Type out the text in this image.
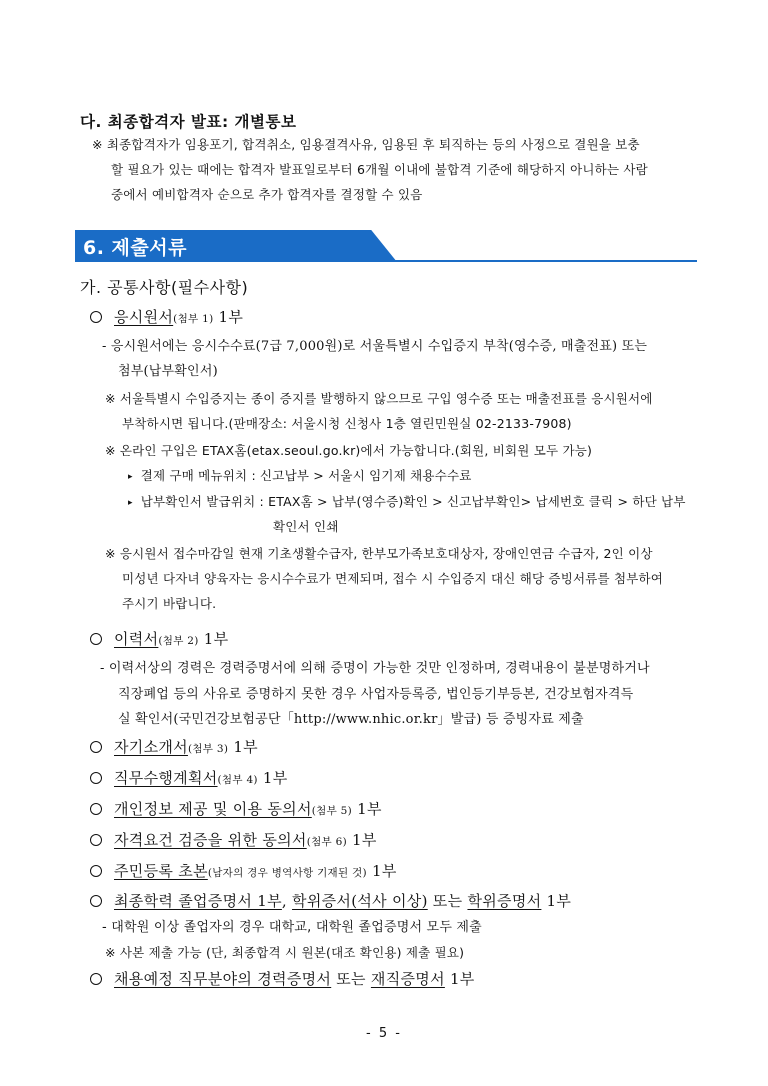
다. 최종합격자 발표: 개별통보
※ 최종합격자가 임용포기, 합격취소, 임용결격사유, 임용된 후 퇴직하는 등의 사정으로 결원을 보충
할 필요가 있는 때에는 합격자 발표일로부터 6개월 이내에 불합격 기준에 해당하지 아니하는 사람
중에서 예비합격자 순으로 추가 합격자를 결정할 수 있음
6. 제출서류
가. 공통사항(필수사항)
응시원서(첨부 1) 1부
- 응시원서에는 응시수수료(7급 7,000원)로 서울특별시 수입증지 부착(영수증, 매출전표) 또는
첨부(납부확인서)
※ 서울특별시 수입증지는 종이 증지를 발행하지 않으므로 구입 영수증 또는 매출전표를 응시원서에
부착하시면 됩니다.(판매장소: 서울시청 신청사 1층 열린민원실 02-2133-7908)
※ 온라인 구입은 ETAX홈(etax.seoul.go.kr)에서 가능합니다.(회원, 비회원 모두 가능)
▸ 결제 구매 메뉴위치 : 신고납부 > 서울시 임기제 채용수수료
▸ 납부확인서 발급위치 : ETAX홈 > 납부(영수증)확인 > 신고납부확인> 납세번호 클릭 > 하단 납부
확인서 인쇄
※ 응시원서 접수마감일 현재 기초생활수급자, 한부모가족보호대상자, 장애인연금 수급자, 2인 이상
미성년 다자녀 양육자는 응시수수료가 면제되며, 접수 시 수입증지 대신 해당 증빙서류를 첨부하여
주시기 바랍니다.
이력서(첨부 2) 1부
- 이력서상의 경력은 경력증명서에 의해 증명이 가능한 것만 인정하며, 경력내용이 불분명하거나
직장폐업 등의 사유로 증명하지 못한 경우 사업자등록증, 법인등기부등본, 건강보험자격득
실 확인서(국민건강보험공단「http://www.nhic.or.kr」발급) 등 증빙자료 제출
자기소개서(첨부 3) 1부
직무수행계획서(첨부 4) 1부
개인정보 제공 및 이용 동의서(첨부 5) 1부
자격요건 검증을 위한 동의서(첨부 6) 1부
주민등록 초본(남자의 경우 병역사항 기재된 것) 1부
최종학력 졸업증명서 1부, 학위증서(석사 이상) 또는 학위증명서 1부
- 대학원 이상 졸업자의 경우 대학교, 대학원 졸업증명서 모두 제출
※ 사본 제출 가능 (단, 최종합격 시 원본(대조 확인용) 제출 필요)
채용예정 직무분야의 경력증명서 또는 재직증명서 1부
- 5 -
